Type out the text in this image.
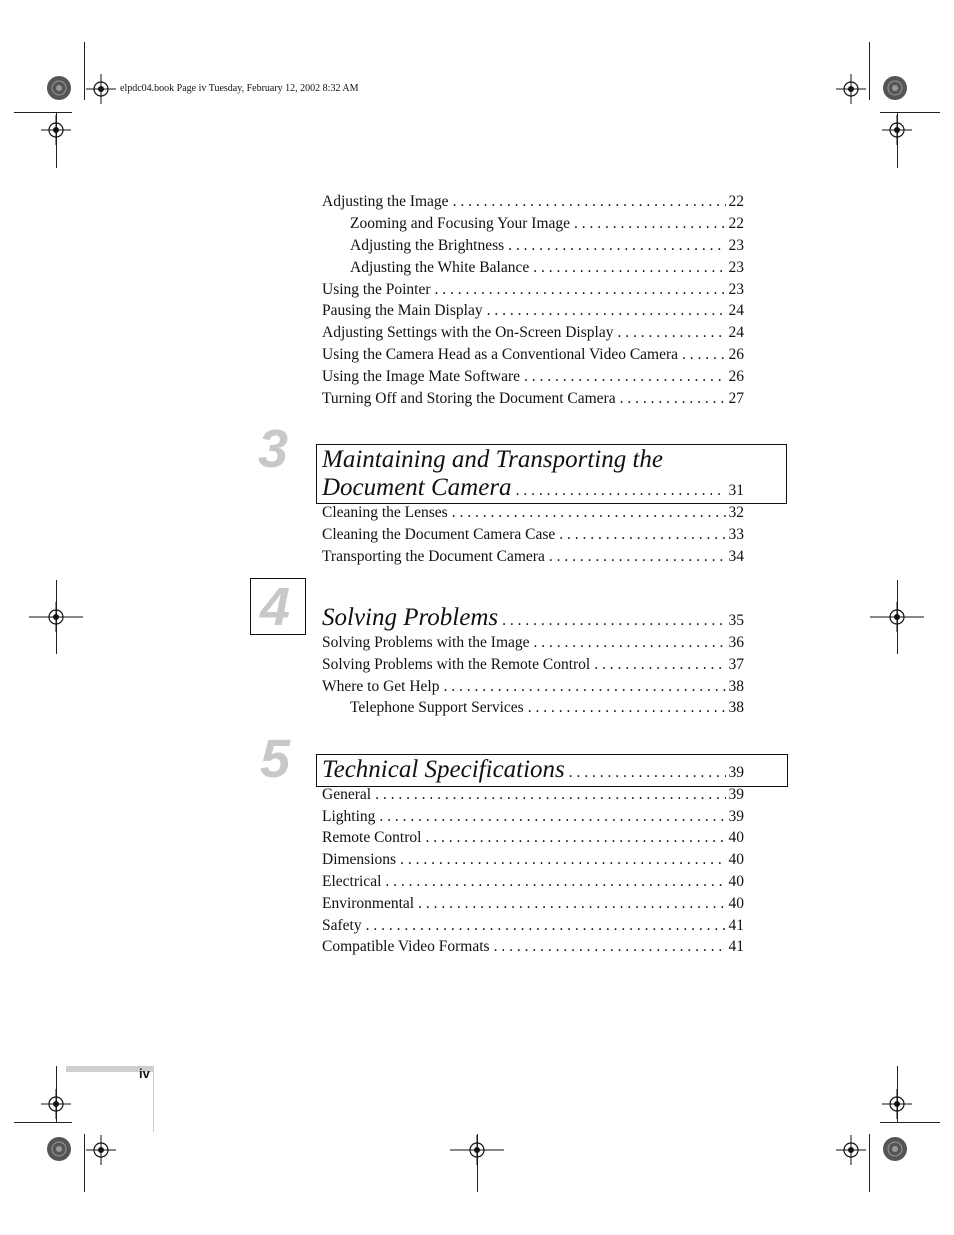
elpdc04.book Page iv Tuesday, February 12, 2002 8:32 AM
Adjusting the Image . . .	22
Zooming and Focusing Your Image . . .	22
Adjusting the Brightness . . .	23
Adjusting the White Balance . . .	23
Using the Pointer . . .	23
Pausing the Main Display . . .	24
Adjusting Settings with the On-Screen Display . . .	24
Using the Camera Head as a Conventional Video Camera . . .	26
Using the Image Mate Software . . .	26
Turning Off and Storing the Document Camera . . .	27
3 Maintaining and Transporting the
Document Camera . . .	31
Cleaning the Lenses . . .	32
Cleaning the Document Camera Case . . .	33
Transporting the Document Camera . . .	34
4 Solving Problems . . .	35
Solving Problems with the Image . . .	36
Solving Problems with the Remote Control . . .	37
Where to Get Help . . .	38
Telephone Support Services . . .	38
5 Technical Specifications . . .	39
General . . .	39
Lighting . . .	39
Remote Control . . .	40
Dimensions . . .	40
Electrical . . .	40
Environmental . . .	40
Safety . . .	41
Compatible Video Formats . . .	41
iv
